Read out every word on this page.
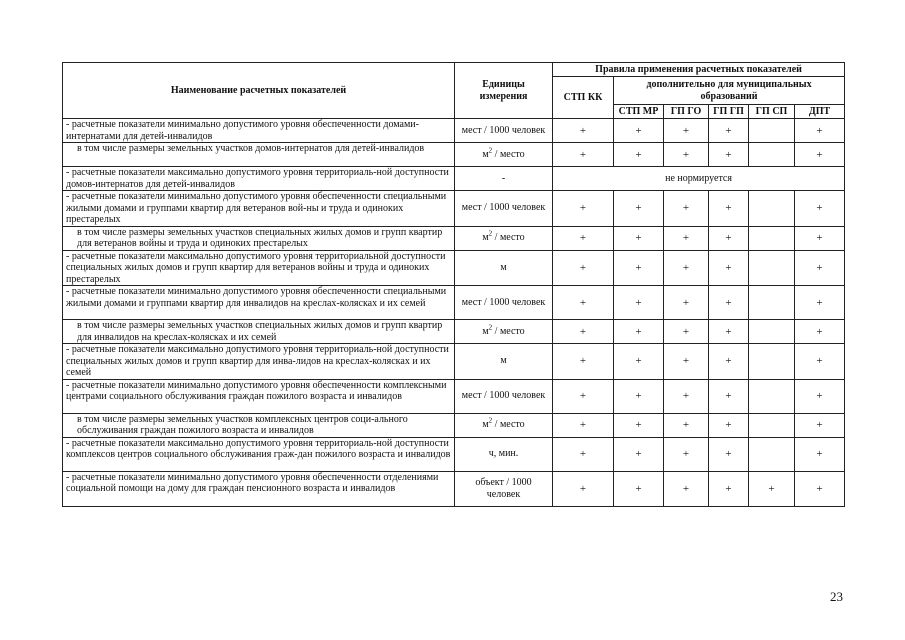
Наименование расчетных показателей	Единицы измерения	Правила применения расчетных показателей					
		СТП КК	дополнительно для муниципальных образований				
			СТП МР	ГП ГО	ГП ГП	ГП СП	ДПТ
- расчетные показатели минимально допустимого уровня обеспеченности домами-интернатами для детей-инвалидов	мест / 1000 человек	+	+	+	+		+
в том числе размеры земельных участков домов-интернатов для детей-инвалидов	$м^2$ / место	+	+	+	+		+
- расчетные показатели максимально допустимого уровня территориаль-ной доступности домов-интернатов для детей-инвалидов	-	не нормируется					
- расчетные показатели минимально допустимого уровня обеспеченности специальными жилыми домами и группами квартир для ветеранов вой-ны и труда и одиноких престарелых	мест / 1000 человек	+	+	+	+		+
в том числе размеры земельных участков специальных жилых домов и групп квартир для ветеранов войны и труда и одиноких престарелых	$м^2$ / место	+	+	+	+		+
- расчетные показатели максимально допустимого уровня территориальной доступности специальных жилых домов и групп квартир для ветеранов войны и труда и одиноких престарелых	м	+	+	+	+		+
- расчетные показатели минимально допустимого уровня обеспеченности специальными жилыми домами и группами квартир для инвалидов на креслах-колясках и их семей	мест / 1000 человек	+	+	+	+		+
в том числе размеры земельных участков специальных жилых домов и групп квартир для инвалидов на креслах-колясках и их семей	$м^2$ / место	+	+	+	+		+
- расчетные показатели максимально допустимого уровня территориаль-ной доступности специальных жилых домов и групп квартир для инва-лидов на креслах-колясках и их семей	м	+	+	+	+		+
- расчетные показатели минимально допустимого уровня обеспеченности комплексными центрами социального обслуживания граждан пожилого возраста и инвалидов	мест / 1000 человек	+	+	+	+		+
в том числе размеры земельных участков комплексных центров соци-ального обслуживания граждан пожилого возраста и инвалидов	$м^2$ / место	+	+	+	+		+
- расчетные показатели максимально допустимого уровня территориаль-ной доступности комплексов центров социального обслуживания граж-дан пожилого возраста и инвалидов	ч, мин.	+	+	+	+		+
- расчетные показатели минимально допустимого уровня обеспеченности отделениями социальной помощи на дому для граждан пенсионного возраста и инвалидов	объект / 1000 человек	+	+	+	+	+	+
23
